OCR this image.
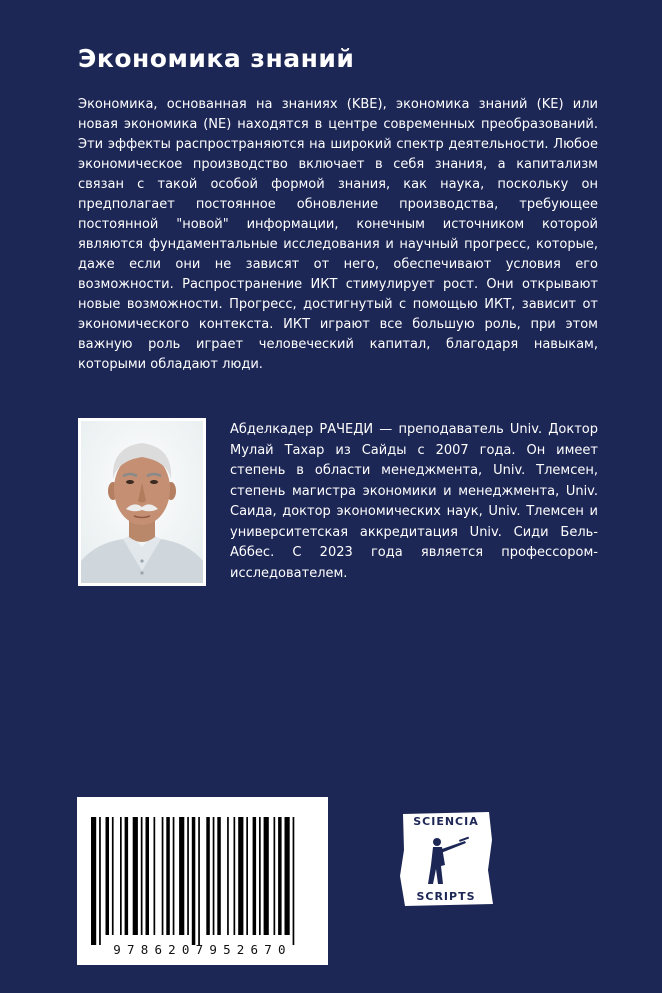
Экономика знаний

Экономика, основанная на знаниях (KBE), экономика знаний (KE) или новая экономика (NE) находятся в центре современных преобразований. Эти эффекты распространяются на широкий спектр деятельности. Любое экономическое производство включает в себя знания, а капитализм связан с такой особой формой знания, как наука, поскольку он предполагает постоянное обновление производства, требующее постоянной "новой" информации, конечным источником которой являются фундаментальные исследования и научный прогресс, которые, даже если они не зависят от него, обеспечивают условия его возможности. Распространение ИКТ стимулирует рост. Они открывают новые возможности. Прогресс, достигнутый с помощью ИКТ, зависит от экономического контекста. ИКТ играют все большую роль, при этом важную роль играет человеческий капитал, благодаря навыкам, которыми обладают люди.

Абделкадер РАЧЕДИ — преподаватель Univ. Доктор Мулай Тахар из Сайды с 2007 года. Он имеет степень в области менеджмента, Univ. Тлемсен, степень магистра экономики и менеджмента, Univ. Саида, доктор экономических наук, Univ. Тлемсен и университетская аккредитация Univ. Сиди Бель-Аббес. С 2023 года является профессором-исследователем.

9786207952670
SCIENCIA
SCRIPTS
